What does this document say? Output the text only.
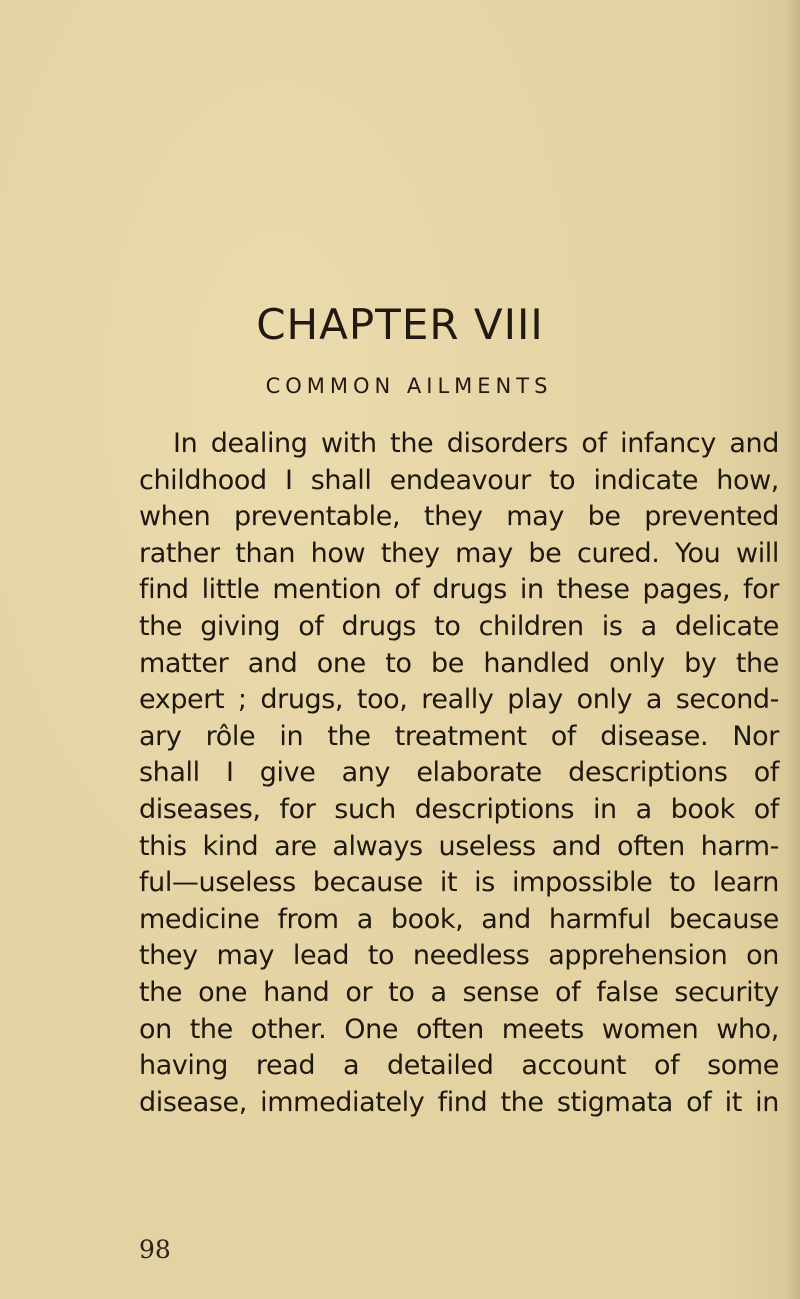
CHAPTER VIII
COMMON AILMENTS
In dealing with the disorders of infancy and
childhood I shall endeavour to indicate how,
when preventable, they may be prevented
rather than how they may be cured. You will
find little mention of drugs in these pages, for
the giving of drugs to children is a delicate
matter and one to be handled only by the
expert ; drugs, too, really play only a second-
ary rôle in the treatment of disease. Nor
shall I give any elaborate descriptions of
diseases, for such descriptions in a book of
this kind are always useless and often harm-
ful—useless because it is impossible to learn
medicine from a book, and harmful because
they may lead to needless apprehension on
the one hand or to a sense of false security
on the other. One often meets women who,
having read a detailed account of some
disease, immediately find the stigmata of it in
98
